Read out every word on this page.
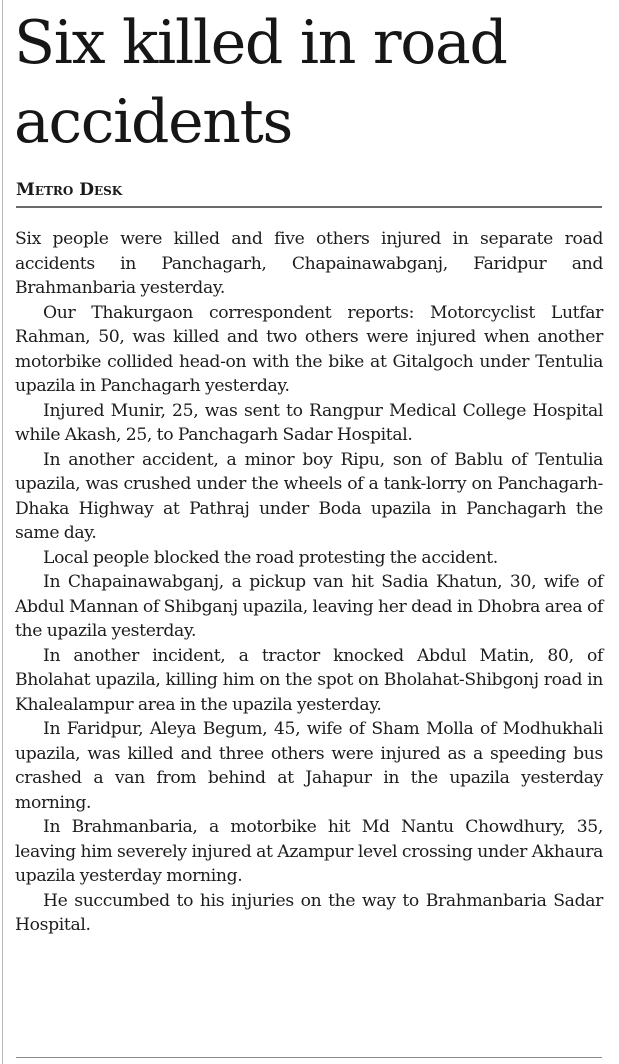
Six killed in road accidents
Metro Desk

Six people were killed and five others injured in separate road accidents in Panchagarh, Chapainawabganj, Faridpur and Brahmanbaria yesterday.

Our Thakurgaon correspondent reports: Motorcyclist Lutfar Rahman, 50, was killed and two others were injured when another motorbike collided head-on with the bike at Gitalgoch under Tentulia upazila in Panchagarh yesterday.

Injured Munir, 25, was sent to Rangpur Medical College Hospital while Akash, 25, to Panchagarh Sadar Hospital.

In another accident, a minor boy Ripu, son of Bablu of Tentulia upazila, was crushed under the wheels of a tank-lorry on Panchagarh-Dhaka Highway at Pathraj under Boda upazila in Panchagarh the same day.

Local people blocked the road protesting the accident.

In Chapainawabganj, a pickup van hit Sadia Khatun, 30, wife of Abdul Mannan of Shibganj upazila, leaving her dead in Dhobra area of the upazila yesterday.

In another incident, a tractor knocked Abdul Matin, 80, of Bholahat upazila, killing him on the spot on Bholahat-Shibgonj road in Khalealampur area in the upazila yesterday.

In Faridpur, Aleya Begum, 45, wife of Sham Molla of Modhukhali upazila, was killed and three others were injured as a speeding bus crashed a van from behind at Jahapur in the upazila yesterday morning.

In Brahmanbaria, a motorbike hit Md Nantu Chowdhury, 35, leaving him severely injured at Azampur level crossing under Akhaura upazila yesterday morning.

He succumbed to his injuries on the way to Brahmanbaria Sadar Hospital.
